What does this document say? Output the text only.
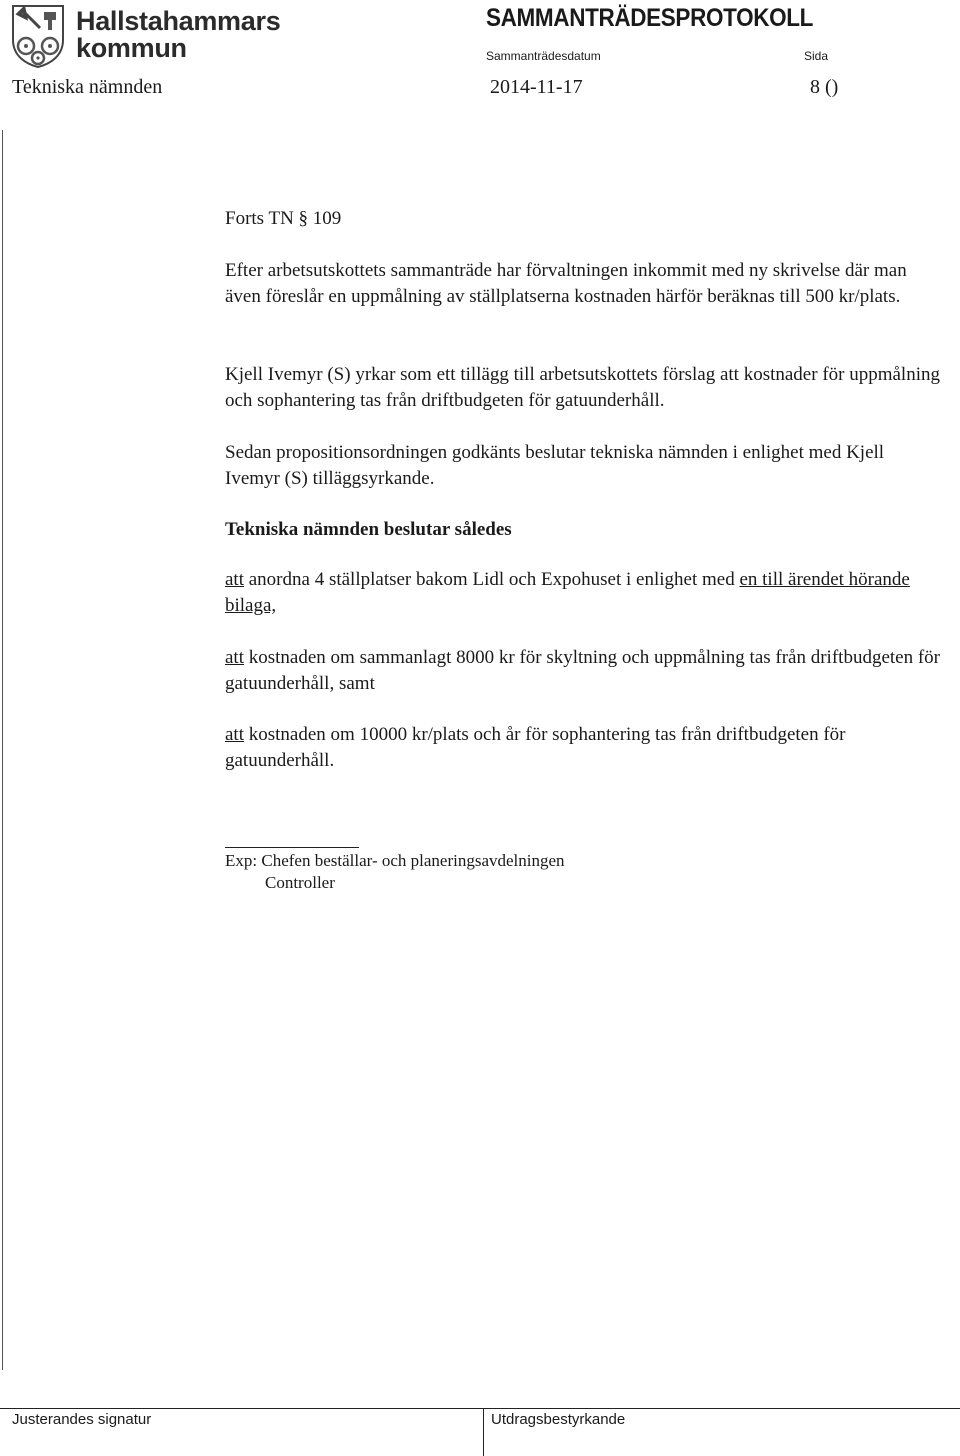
Hallstahammars
kommun
SAMMANTRÄDESPROTOKOLL
Sammanträdesdatum	Sida
Tekniska nämnden	2014-11-17	8 ()

Forts TN § 109

Efter arbetsutskottets sammanträde har förvaltningen inkommit med ny skrivelse där man även föreslår en uppmålning av ställplatserna kostnaden härför beräknas till 500 kr/plats.

Kjell Ivemyr (S) yrkar som ett tillägg till arbetsutskottets förslag att kostnader för uppmålning och sophantering tas från driftbudgeten för gatuunderhåll.

Sedan propositionsordningen godkänts beslutar tekniska nämnden i enlighet med Kjell Ivemyr (S) tilläggsyrkande.

Tekniska nämnden beslutar således

att anordna 4 ställplatser bakom Lidl och Expohuset i enlighet med en till ärendet hörande bilaga,

att kostnaden om sammanlagt 8000 kr för skyltning och uppmålning tas från driftbudgeten för gatuunderhåll, samt

att kostnaden om 10000 kr/plats och år för sophantering tas från driftbudgeten för gatuunderhåll.

Exp: Chefen beställar- och planeringsavdelningen
Controller
Justerandes signatur	Utdragsbestyrkande
